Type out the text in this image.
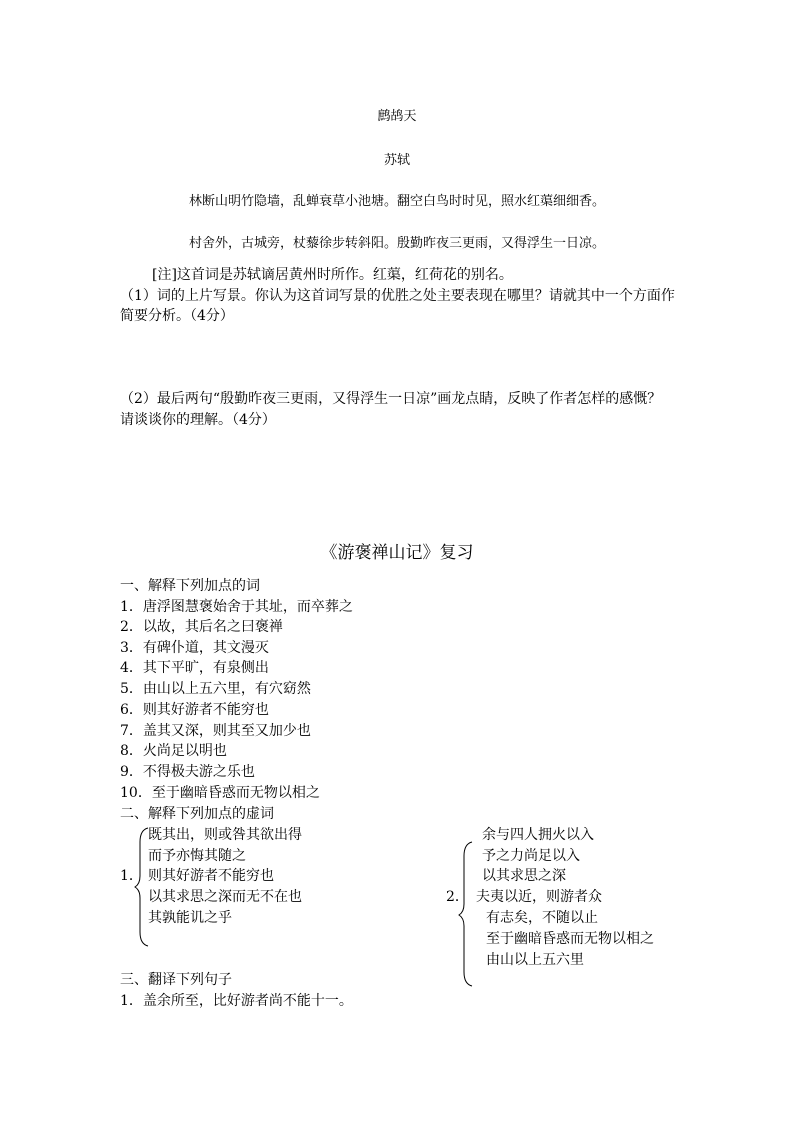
鹧鸪天
苏轼
林断山明竹隐墙，乱蝉衰草小池塘。翻空白鸟时时见，照水红蕖细细香。
村舍外，古城旁，杖藜徐步转斜阳。殷勤昨夜三更雨，又得浮生一日凉。
[注]这首词是苏轼谪居黄州时所作。红蕖，红荷花的别名。
（1）词的上片写景。你认为这首词写景的优胜之处主要表现在哪里？请就其中一个方面作
简要分析。（4分）
（2）最后两句“殷勤昨夜三更雨，又得浮生一日凉”画龙点睛，反映了作者怎样的感慨？
请谈谈你的理解。（4分）
《游褒禅山记》复习
一、解释下列加点的词
1．唐浮图慧褒始舍于其址，而卒葬之
2．以故，其后名之曰褒禅
3．有碑仆道，其文漫灭
4．其下平旷，有泉侧出
5．由山以上五六里，有穴窈然
6．则其好游者不能穷也
7．盖其又深，则其至又加少也
8．火尚足以明也
9．不得极夫游之乐也
10．至于幽暗昏惑而无物以相之
二、解释下列加点的虚词
1．
既其出，则或咎其欲出得
而予亦悔其随之
则其好游者不能穷也
以其求思之深而无不在也
其孰能讥之乎
2．
余与四人拥火以入
予之力尚足以入
以其求思之深
夫夷以近，则游者众
有志矣，不随以止
至于幽暗昏惑而无物以相之
由山以上五六里
三、翻译下列句子
1．盖余所至，比好游者尚不能十一。
